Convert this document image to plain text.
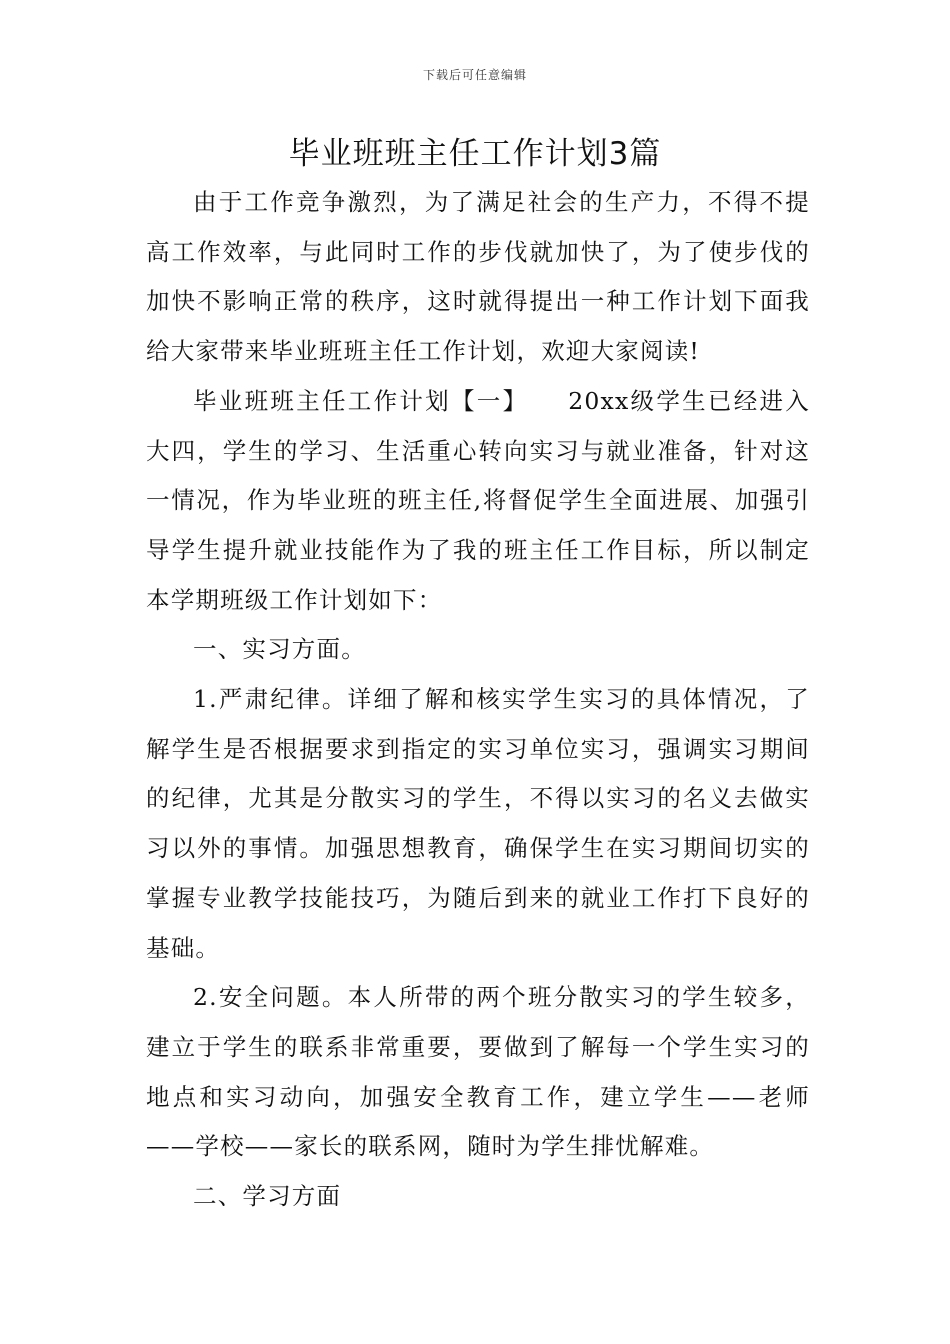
下载后可任意编辑
毕业班班主任工作计划3篇

由于工作竞争激烈，为了满足社会的生产力，不得不提高工作效率，与此同时工作的步伐就加快了，为了使步伐的加快不影响正常的秩序，这时就得提出一种工作计划下面我给大家带来毕业班班主任工作计划，欢迎大家阅读!

毕业班班主任工作计划【一】　　20xx级学生已经进入大四，学生的学习、生活重心转向实习与就业准备，针对这一情况，作为毕业班的班主任,将督促学生全面进展、加强引导学生提升就业技能作为了我的班主任工作目标，所以制定本学期班级工作计划如下：

一、实习方面。

1.严肃纪律。详细了解和核实学生实习的具体情况，了解学生是否根据要求到指定的实习单位实习，强调实习期间的纪律，尤其是分散实习的学生，不得以实习的名义去做实习以外的事情。加强思想教育，确保学生在实习期间切实的掌握专业教学技能技巧，为随后到来的就业工作打下良好的基础。

2.安全问题。本人所带的两个班分散实习的学生较多，建立于学生的联系非常重要，要做到了解每一个学生实习的地点和实习动向，加强安全教育工作，建立学生——老师——学校——家长的联系网，随时为学生排忧解难。

二、学习方面
